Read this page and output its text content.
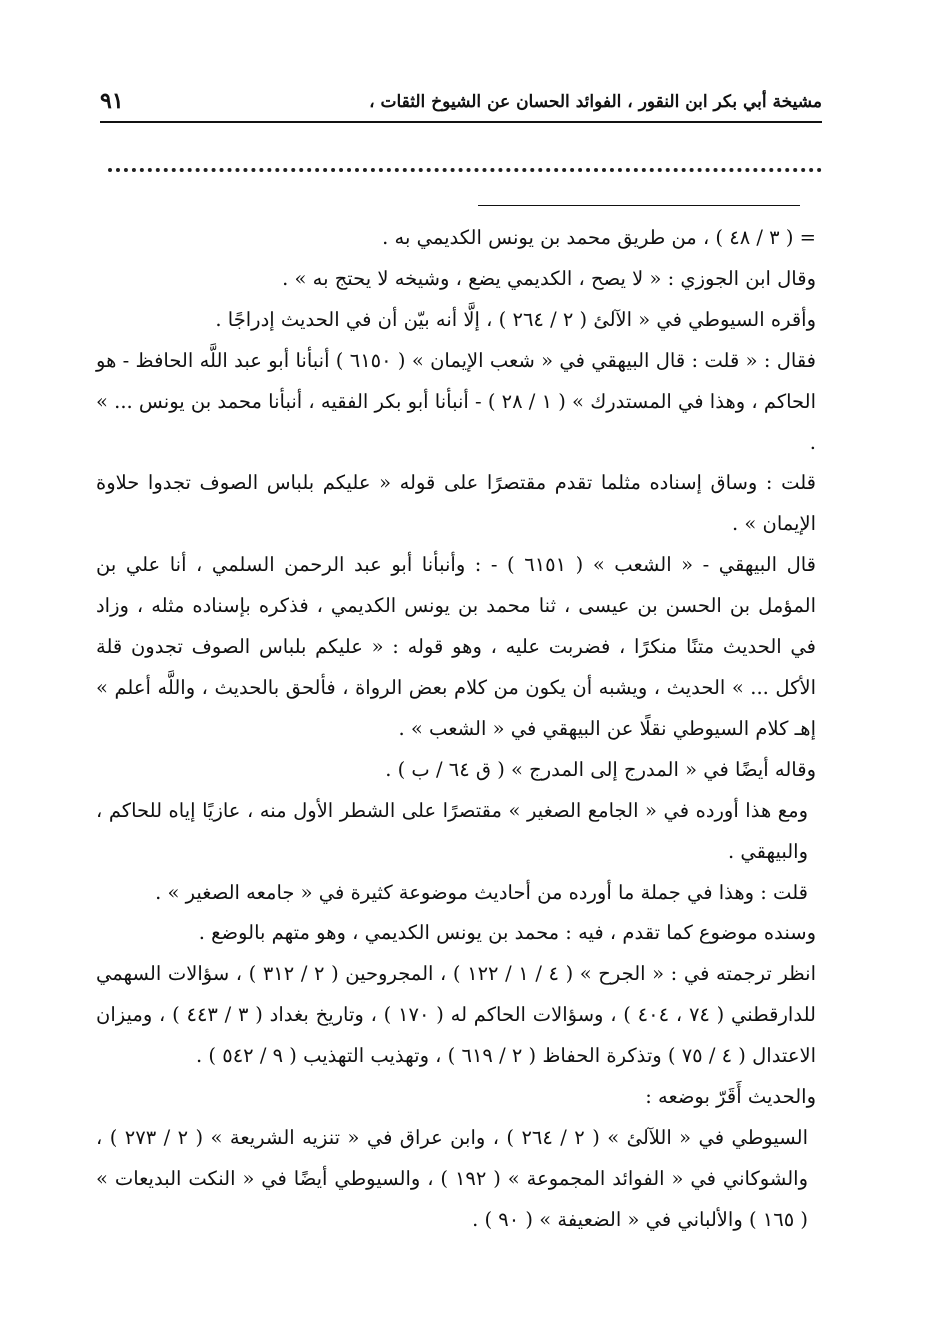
مشيخة أبي بكر ابن النقور ، الفوائد الحسان عن الشيوخ الثقات ،
٩١

= ( ٣ / ٤٨ ) ، من طريق محمد بن يونس الكديمي به .

وقال ابن الجوزي : « لا يصح ، الكديمي يضع ، وشيخه لا يحتج به » .

وأقره السيوطي في « الآلئ ( ٢ / ٢٦٤ ) ، إلَّا أنه بيّن أن في الحديث إدراجًا .

فقال : « قلت : قال البيهقي في « شعب الإيمان » ( ٦١٥٠ ) أنبأنا أبو عبد اللَّه الحافظ - هو الحاكم ، وهذا في المستدرك » ( ١ / ٢٨ ) - أنبأنا أبو بكر الفقيه ، أنبأنا محمد بن يونس ... » .

قلت : وساق إسناده مثلما تقدم مقتصرًا على قوله « عليكم بلباس الصوف تجدوا حلاوة الإيمان » .

قال البيهقي - « الشعب » ( ٦١٥١ ) - : وأنبأنا أبو عبد الرحمن السلمي ، أنا علي بن المؤمل بن الحسن بن عيسى ، ثنا محمد بن يونس الكديمي ، فذكره بإسناده مثله ، وزاد في الحديث متنًا منكرًا ، فضربت عليه ، وهو قوله : « عليكم بلباس الصوف تجدون قلة الأكل ... » الحديث ، ويشبه أن يكون من كلام بعض الرواة ، فألحق بالحديث ، واللَّه أعلم » إهـ كلام السيوطي نقلًا عن البيهقي في « الشعب » .

وقاله أيضًا في « المدرج إلى المدرج » ( ق ٦٤ / ب ) .

ومع هذا أورده في « الجامع الصغير » مقتصرًا على الشطر الأول منه ، عازيًا إياه للحاكم ، والبيهقي .

قلت : وهذا في جملة ما أورده من أحاديث موضوعة كثيرة في « جامعه الصغير » .

وسنده موضوع كما تقدم ، فيه : محمد بن يونس الكديمي ، وهو متهم بالوضع .

انظر ترجمته في : « الجرح » ( ٤ / ١ / ١٢٢ ) ، المجروحين ( ٢ / ٣١٢ ) ، سؤالات السهمي للدارقطني ( ٧٤ ، ٤٠٤ ) ، وسؤالات الحاكم له ( ١٧٠ ) ، وتاريخ بغداد ( ٣ / ٤٤٣ ) ، وميزان الاعتدال ( ٤ / ٧٥ ) وتذكرة الحفاظ ( ٢ / ٦١٩ ) ، وتهذيب التهذيب ( ٩ / ٥٤٢ ) .

والحديث أَقَرّ بوضعه :

السيوطي في « اللآلئ » ( ٢ / ٢٦٤ ) ، وابن عراق في « تنزيه الشريعة » ( ٢ / ٢٧٣ ) ، والشوكاني في « الفوائد المجموعة » ( ١٩٢ ) ، والسيوطي أيضًا في « النكت البديعات » ( ١٦٥ ) والألباني في « الضعيفة » ( ٩٠ ) .
